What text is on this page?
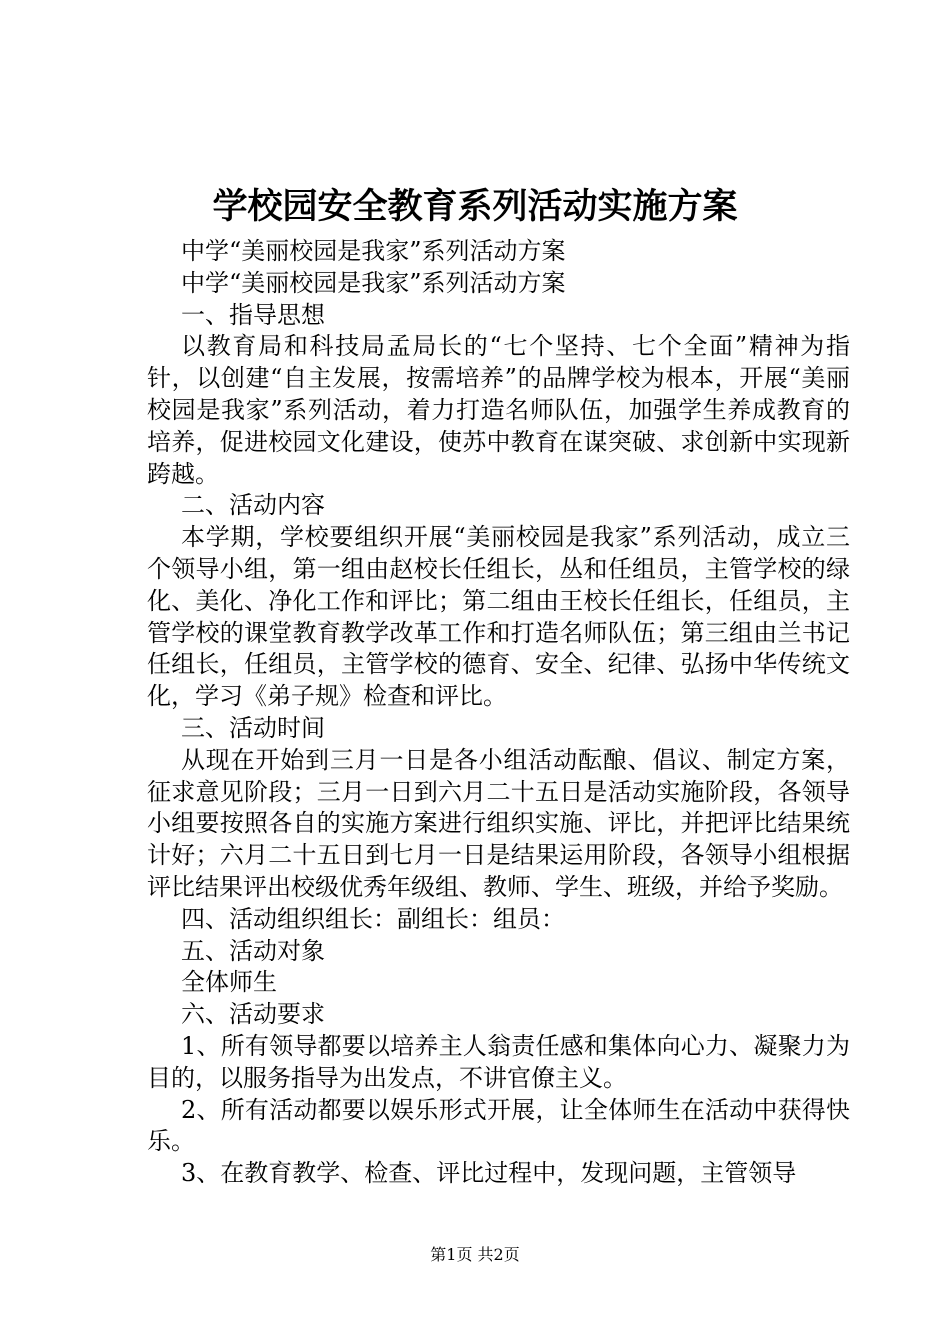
学校园安全教育系列活动实施方案

中学“美丽校园是我家”系列活动方案

中学“美丽校园是我家”系列活动方案

一、指导思想

以教育局和科技局孟局长的“七个坚持、七个全面”精神为指针，以创建“自主发展，按需培养”的品牌学校为根本，开展“美丽校园是我家”系列活动，着力打造名师队伍，加强学生养成教育的培养，促进校园文化建设，使苏中教育在谋突破、求创新中实现新跨越。

二、活动内容

本学期，学校要组织开展“美丽校园是我家”系列活动，成立三个领导小组，第一组由赵校长任组长，丛和任组员，主管学校的绿化、美化、净化工作和评比；第二组由王校长任组长，任组员，主管学校的课堂教育教学改革工作和打造名师队伍；第三组由兰书记任组长，任组员，主管学校的德育、安全、纪律、弘扬中华传统文化，学习《弟子规》检查和评比。

三、活动时间

从现在开始到三月一日是各小组活动酝酿、倡议、制定方案，征求意见阶段；三月一日到六月二十五日是活动实施阶段，各领导小组要按照各自的实施方案进行组织实施、评比，并把评比结果统计好；六月二十五日到七月一日是结果运用阶段，各领导小组根据评比结果评出校级优秀年级组、教师、学生、班级，并给予奖励。

四、活动组织组长：副组长：组员：

五、活动对象

全体师生

六、活动要求

1、所有领导都要以培养主人翁责任感和集体向心力、凝聚力为目的，以服务指导为出发点，不讲官僚主义。

2、所有活动都要以娱乐形式开展，让全体师生在活动中获得快乐。

3、在教育教学、检查、评比过程中，发现问题，主管领导

第1页 共2页
